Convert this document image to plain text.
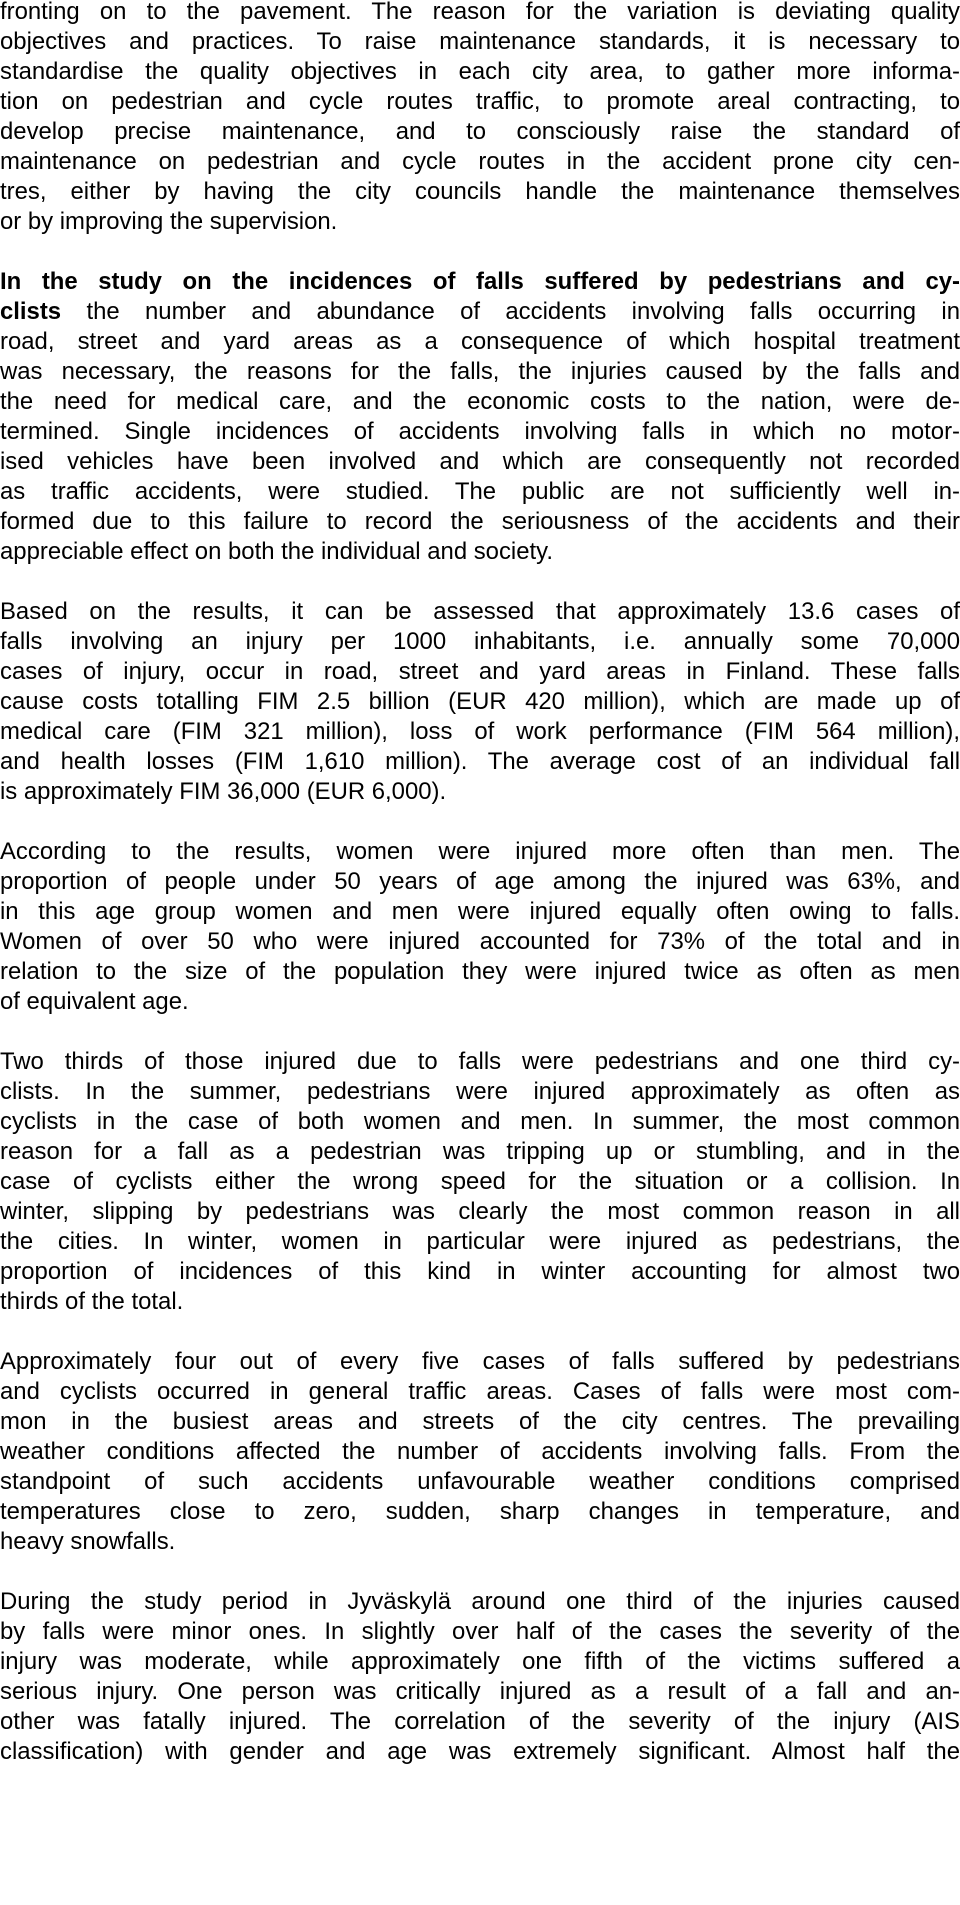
fronting on to the pavement. The reason for the variation is deviating quality
objectives and practices. To raise maintenance standards, it is necessary to
standardise the quality objectives in each city area, to gather more informa-
tion on pedestrian and cycle routes traffic, to promote areal contracting, to
develop precise maintenance, and to consciously raise the standard of
maintenance on pedestrian and cycle routes in the accident prone city cen-
tres, either by having the city councils handle the maintenance themselves
or by improving the supervision.
In the study on the incidences of falls suffered by pedestrians and cy-
clists the number and abundance of accidents involving falls occurring in
road, street and yard areas as a consequence of which hospital treatment
was necessary, the reasons for the falls, the injuries caused by the falls and
the need for medical care, and the economic costs to the nation, were de-
termined. Single incidences of accidents involving falls in which no motor-
ised vehicles have been involved and which are consequently not recorded
as traffic accidents, were studied. The public are not sufficiently well in-
formed due to this failure to record the seriousness of the accidents and their
appreciable effect on both the individual and society.
Based on the results, it can be assessed that approximately 13.6 cases of
falls involving an injury per 1000 inhabitants, i.e. annually some 70,000
cases of injury, occur in road, street and yard areas in Finland. These falls
cause costs totalling FIM 2.5 billion (EUR 420 million), which are made up of
medical care (FIM 321 million), loss of work performance (FIM 564 million),
and health losses (FIM 1,610 million). The average cost of an individual fall
is approximately FIM 36,000 (EUR 6,000).
According to the results, women were injured more often than men. The
proportion of people under 50 years of age among the injured was 63%, and
in this age group women and men were injured equally often owing to falls.
Women of over 50 who were injured accounted for 73% of the total and in
relation to the size of the population they were injured twice as often as men
of equivalent age.
Two thirds of those injured due to falls were pedestrians and one third cy-
clists. In the summer, pedestrians were injured approximately as often as
cyclists in the case of both women and men. In summer, the most common
reason for a fall as a pedestrian was tripping up or stumbling, and in the
case of cyclists either the wrong speed for the situation or a collision. In
winter, slipping by pedestrians was clearly the most common reason in all
the cities. In winter, women in particular were injured as pedestrians, the
proportion of incidences of this kind in winter accounting for almost two
thirds of the total.
Approximately four out of every five cases of falls suffered by pedestrians
and cyclists occurred in general traffic areas. Cases of falls were most com-
mon in the busiest areas and streets of the city centres. The prevailing
weather conditions affected the number of accidents involving falls. From the
standpoint of such accidents unfavourable weather conditions comprised
temperatures close to zero, sudden, sharp changes in temperature, and
heavy snowfalls.
During the study period in Jyväskylä around one third of the injuries caused
by falls were minor ones. In slightly over half of the cases the severity of the
injury was moderate, while approximately one fifth of the victims suffered a
serious injury. One person was critically injured as a result of a fall and an-
other was fatally injured. The correlation of the severity of the injury (AIS
classification) with gender and age was extremely significant. Almost half the
